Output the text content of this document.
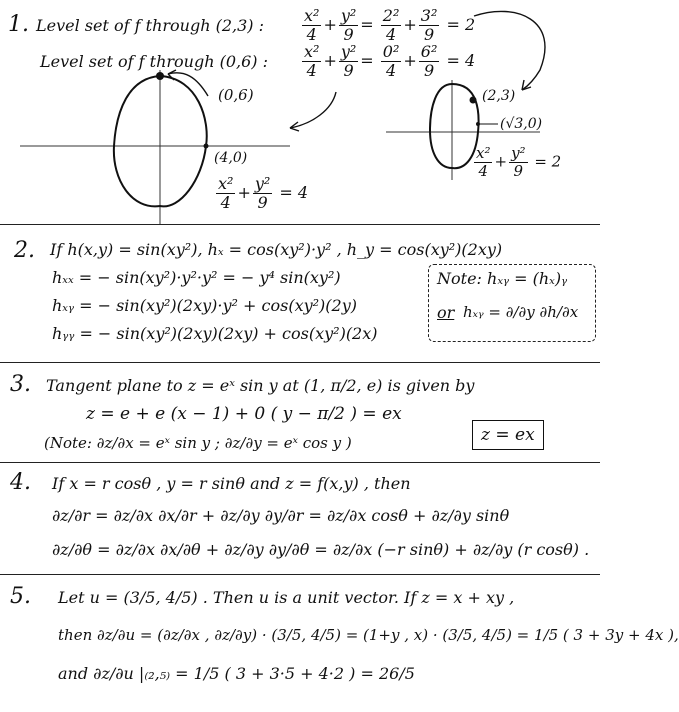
1. Level set of f through (2,3) : $\frac{\text{x²}}{4} + \frac{\text{y²}}{9} = \frac{\text{2²}}{4} + \frac{\text{3²}}{9} = 2$
Level set of f through (0,6) : $\frac{\text{x²}}{4} + \frac{\text{y²}}{9} = \frac{\text{0²}}{4} + \frac{\text{6²}}{9} = 4$
(0,6)
(4,0)
$\frac{\text{x²}}{4} + \frac{\text{y²}}{9} = 4$
(2,3)
(√3,0)
$\frac{\text{x²}}{4} + \frac{\text{y²}}{9} = 2$
2. If h(x,y) = sin(xy²), hₓ = cos(xy²)·y² , h_y = cos(xy²)(2xy)
hₓₓ = − sin(xy²)·y²·y² = − y⁴ sin(xy²)
hₓᵧ = − sin(xy²)(2xy)·y² + cos(xy²)(2y)
hᵧᵧ = − sin(xy²)(2xy)(2xy) + cos(xy²)(2x)
Note: hₓᵧ = (hₓ)ᵧ
or hₓᵧ = ∂/∂y ∂h/∂x
3. Tangent plane to z = eˣ sin y at (1, π/2, e) is given by
z = e + e (x − 1) + 0 ( y − π/2 ) = ex
(Note: ∂z/∂x = eˣ sin y ; ∂z/∂y = eˣ cos y )	z = ex
4. If x = r cosθ , y = r sinθ and z = f(x,y) , then
∂z/∂r = ∂z/∂x ∂x/∂r + ∂z/∂y ∂y/∂r = ∂z/∂x cosθ + ∂z/∂y sinθ
∂z/∂θ = ∂z/∂x ∂x/∂θ + ∂z/∂y ∂y/∂θ = ∂z/∂x (−r sinθ) + ∂z/∂y (r cosθ) .
5. Let u = (3/5, 4/5) . Then u is a unit vector. If z = x + xy ,
then ∂z/∂u = (∂z/∂x , ∂z/∂y) · (3/5, 4/5) = (1+y , x) · (3/5, 4/5) = 1/5 ( 3 + 3y + 4x ),
and ∂z/∂u |₍₂,₅₎ = 1/5 ( 3 + 3·5 + 4·2 ) = 26/5
